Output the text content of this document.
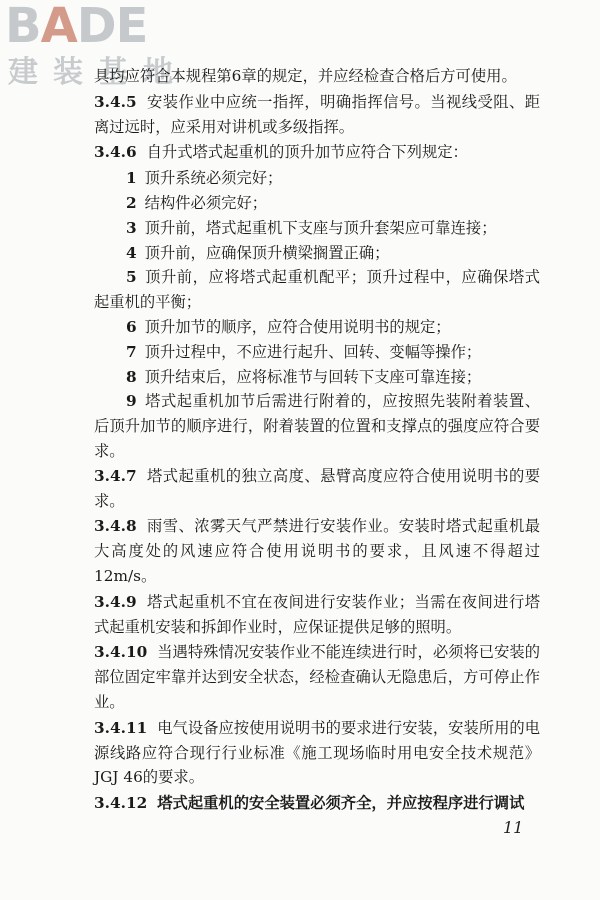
BADE
建装基地

具均应符合本规程第6章的规定，并应经检查合格后方可使用。

3.4.5 安装作业中应统一指挥，明确指挥信号。当视线受阻、距离过远时，应采用对讲机或多级指挥。

3.4.6 自升式塔式起重机的顶升加节应符合下列规定：

1 顶升系统必须完好；

2 结构件必须完好；

3 顶升前，塔式起重机下支座与顶升套架应可靠连接；

4 顶升前，应确保顶升横梁搁置正确；

5 顶升前，应将塔式起重机配平；顶升过程中，应确保塔式起重机的平衡；

6 顶升加节的顺序，应符合使用说明书的规定；

7 顶升过程中，不应进行起升、回转、变幅等操作；

8 顶升结束后，应将标准节与回转下支座可靠连接；

9 塔式起重机加节后需进行附着的，应按照先装附着装置、后顶升加节的顺序进行，附着装置的位置和支撑点的强度应符合要求。

3.4.7 塔式起重机的独立高度、悬臂高度应符合使用说明书的要求。

3.4.8 雨雪、浓雾天气严禁进行安装作业。安装时塔式起重机最大高度处的风速应符合使用说明书的要求，且风速不得超过12m/s。

3.4.9 塔式起重机不宜在夜间进行安装作业；当需在夜间进行塔式起重机安装和拆卸作业时，应保证提供足够的照明。

3.4.10 当遇特殊情况安装作业不能连续进行时，必须将已安装的部位固定牢靠并达到安全状态，经检查确认无隐患后，方可停止作业。

3.4.11 电气设备应按使用说明书的要求进行安装，安装所用的电源线路应符合现行行业标准《施工现场临时用电安全技术规范》JGJ 46的要求。

3.4.12 塔式起重机的安全装置必须齐全，并应按程序进行调试

11
